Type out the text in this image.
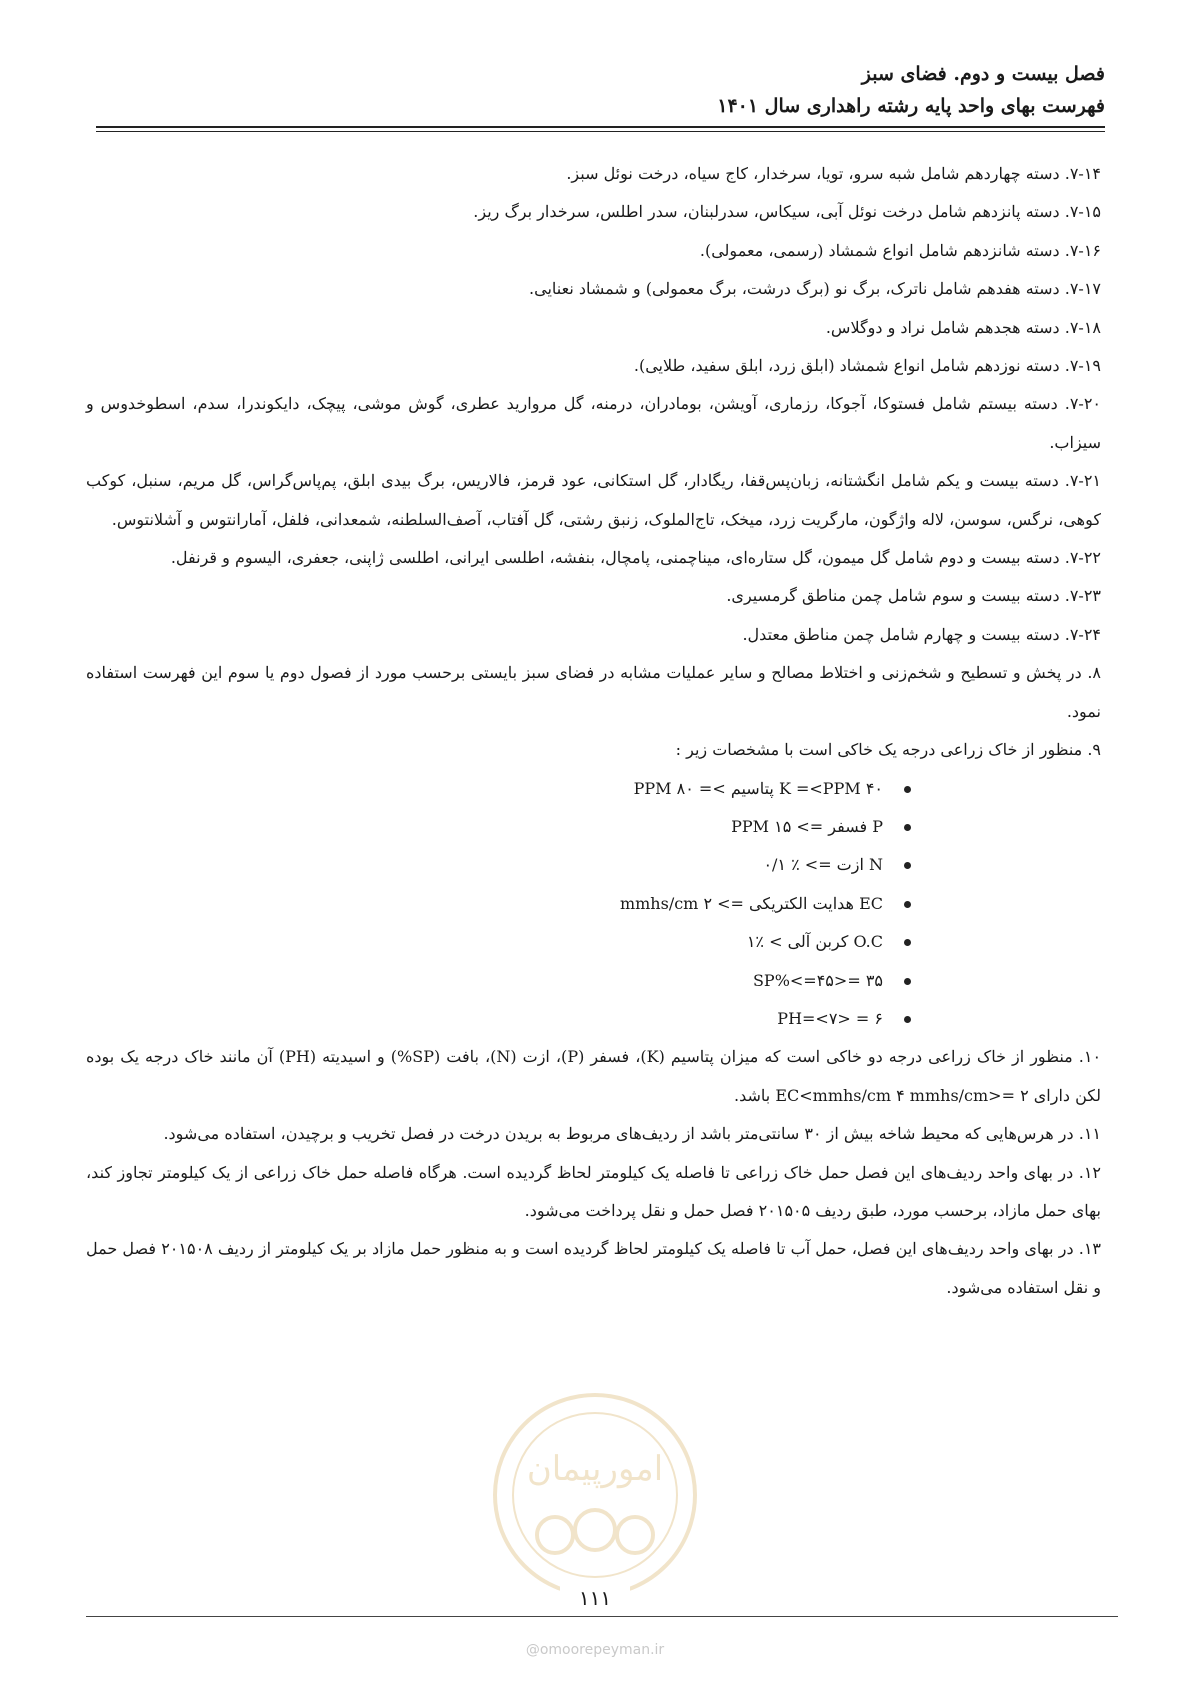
فصل بیست و دوم. فضای سبز
فهرست بهای واحد پایه رشته راهداری سال ۱۴۰۱

۷-۱۴. دسته چهاردهم شامل شبه سرو، تویا، سرخدار، کاج سیاه، درخت نوئل سبز.

۷-۱۵. دسته پانزدهم شامل درخت نوئل آبی، سیکاس، سدرلبنان، سدر اطلس، سرخدار برگ ریز.

۷-۱۶. دسته شانزدهم شامل انواع شمشاد (رسمی، معمولی).

۷-۱۷. دسته هفدهم شامل ناترک، برگ نو (برگ درشت، برگ معمولی) و شمشاد نعنایی.

۷-۱۸. دسته هجدهم شامل نراد و دوگلاس.

۷-۱۹. دسته نوزدهم شامل انواع شمشاد (ابلق زرد، ابلق سفید، طلایی).

۷-۲۰. دسته بیستم شامل فستوکا، آجوکا، رزماری، آویشن، بومادران، درمنه، گل مروارید عطری، گوش موشی، پیچک، دایکوندرا، سدم، اسطوخدوس و سیزاب.

۷-۲۱. دسته بیست و یکم شامل انگشتانه، زبان‌پس‌قفا، ریگادار، گل استکانی، عود قرمز، فالاریس، برگ بیدی ابلق، پم‌پاس‌گراس، گل مریم، سنبل، کوکب کوهی، نرگس، سوسن، لاله واژگون، مارگریت زرد، میخک، تاج‌الملوک، زنبق رشتی، گل آفتاب، آصف‌السلطنه، شمعدانی، فلفل، آمارانتوس و آشلانتوس.

۷-۲۲. دسته بیست و دوم شامل گل میمون، گل ستاره‌ای، میناچمنی، پامچال، بنفشه، اطلسی ایرانی، اطلسی ژاپنی، جعفری، الیسوم و قرنفل.

۷-۲۳. دسته بیست و سوم شامل چمن مناطق گرمسیری.

۷-۲۴. دسته بیست و چهارم شامل چمن مناطق معتدل.

۸. در پخش و تسطیح و شخم‌زنی و اختلاط مصالح و سایر عملیات مشابه در فضای سبز بایستی برحسب مورد از فصول دوم یا سوم این فهرست استفاده نمود.

۹. منظور از خاک زراعی درجه یک خاکی است با مشخصات زیر :

۴۰ K =<PPM پتاسیم >= ۸۰ PPM
P فسفر => ۱۵ PPM
N ازت => ٪ ۰/۱
EC هدایت الکتریکی => ۲ mmhs/cm
O.C کربن آلی > ٪۱
۳۵ =<SP%<=۴۵
۶ = <PH=<۷

۱۰. منظور از خاک زراعی درجه دو خاکی است که میزان پتاسیم (K)، فسفر (P)، ازت (N)، بافت (SP%) و اسیدیته (PH) آن مانند خاک درجه یک بوده لکن دارای ۲ =<EC<mmhs/cm ۴ mmhs/cm باشد.

۱۱. در هرس‌هایی که محیط شاخه بیش از ۳۰ سانتی‌متر باشد از ردیف‌های مربوط به بریدن درخت در فصل تخریب و برچیدن، استفاده می‌شود.

۱۲. در بهای واحد ردیف‌های این فصل حمل خاک زراعی تا فاصله یک کیلومتر لحاظ گردیده است. هرگاه فاصله حمل خاک زراعی از یک کیلومتر تجاوز کند، بهای حمل مازاد، برحسب مورد، طبق ردیف ۲۰۱۵۰۵ فصل حمل و نقل پرداخت می‌شود.

۱۳. در بهای واحد ردیف‌های این فصل، حمل آب تا فاصله یک کیلومتر لحاظ گردیده است و به منظور حمل مازاد بر یک کیلومتر از ردیف ۲۰۱۵۰۸ فصل حمل و نقل استفاده می‌شود.

امورپیمان
۱۱۱
@omoorepeyman.ir
